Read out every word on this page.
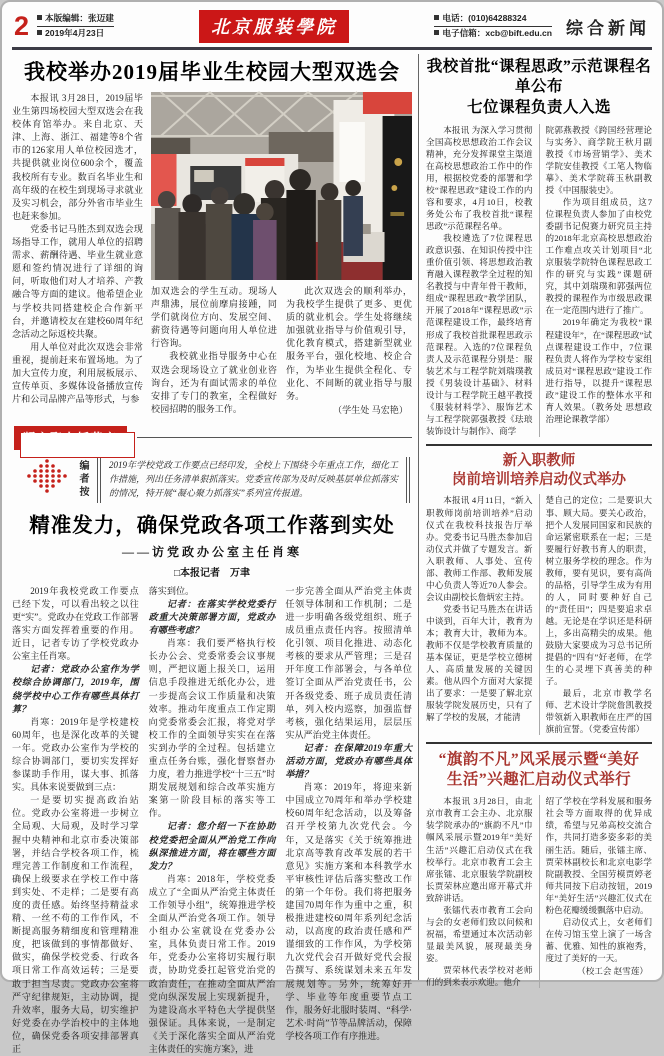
2	本版编辑：张迈建
2019年4月23日	北京服装學院	电话：(010)64288324
电子信箱：xcb@bift.edu.cn 综合新闻
我校举办2019届毕业生校园大型双选会

本报讯 3月28日，2019届毕业生第四场校园大型双选会在我校体育馆举办。来自北京、天津、上海、浙江、福建等8个省市的126家用人单位校园选才，共提供就业岗位600余个，覆盖我校所有专业。数百名毕业生和高年级的在校生到现场寻求就业及实习机会，部分外省市毕业生也赶来参加。

党委书记马胜杰到双选会现场指导工作，就用人单位的招聘需求、薪酬待遇、毕业生就业意愿和签约情况进行了详细的询问，听取他们对人才培养、产教融合等方面的建议。他希望企业与学校共同搭建校企合作新平台，并邀请校友在建校60周年纪念活动之际返校共聚。

用人单位对此次双选会非常重视，提前赶来布置场地。为了加大宣传力度，利用展板展示、宣传单页、多媒体设备播放宣传片和公司品牌产品等形式，与参

加双选会的学生互动。现场人声鼎沸，展位前摩肩接踵，同学们就岗位方向、发展空间、薪资待遇等问题向用人单位进行咨询。

我校就业指导服务中心在双选会现场设立了就业创业咨询台，还为有面试需求的单位安排了专门的教室，全程做好校园招聘的服务工作。

此次双选会的顺利举办，为我校学生提供了更多、更优质的就业机会。学生处将继续加强就业指导与价值观引导，优化教育模式，搭建新型就业服务平台，强化校地、校企合作，为毕业生提供全程化、专业化、不间断的就业指导与服务。

（学生处 马宏艳）

凝心聚力抓落实
编者按	2019年学校党政工作要点已经印发，全校上下围绕今年重点工作，细化工作措施，列出任务清单狠抓落实。党委宣传部为及时反映基层单位抓落实的情况，特开展“凝心聚力抓落实”系列宣传报道。
精准发力，确保党政各项工作落到实处
——访党政办公室主任肖寒
□本报记者　万聿

2019年我校党政工作要点已经下发，可以看出较之以往更“实”。党政办在党政工作部署落实方面发挥着重要的作用。近日，记者专访了学校党政办公室主任肖寒。

记者：党政办公室作为学校综合协调部门，2019年，围绕学校中心工作有哪些具体打算？

肖寒：2019年是学校建校60周年，也是深化改革的关键一年。党政办公室作为学校的综合协调部门，要切实发挥好参谋助手作用，谋大事、抓落实。具体来说要做到三点：

一是要切实提高政治站位。党政办公室将进一步树立全局观、大局观，及时学习掌握中央精神和北京市委决策部署，并结合学校各项工作，梳理完善工作制度和工作流程，确保上级要求在学校工作中落到实处、不走样；二是要有高度的责任感。始终坚持精益求精、一丝不苟的工作作风，不断提高服务精细度和管理精准度，把该做到的事情都做好、做实，确保学校党委、行政各项日常工作高效运转；三是要敢于担当尽责。党政办公室将严守纪律规矩，主动协调，提升效率，服务大局，切实维护好党委在办学治校中的主体地位，确保党委各项安排部署真正

落实到位。

记者：在落实学校党委行政重大决策部署方面，党政办有哪些考虑？

肖寒：我们要严格执行校长办公会、党委常委会议事规则，严把议题上报关口，运用信息手段推进无纸化办公，进一步提高会议工作质量和决策效率。推动年度重点工作定期向党委常委会汇报，将党对学校工作的全面领导实实在在落实到办学的全过程。包括建立重点任务台账，强化督察督办力度，着力推进学校“十三五”时期发展规划和综合改革实施方案第一阶段目标的落实等工作。

记者：您介绍一下在协助校党委把全面从严治党工作向纵深推进方面，将在哪些方面发力？

肖寒：2018年，学校党委成立了“全面从严治党主体责任工作领导小组”，统筹推进学校全面从严治党各项工作。领导小组办公室就设在党委办公室，具体负责日常工作。2019年，党委办公室将切实履行职责，协助党委扛起管党治党的政治责任，在推动全面从严治党向纵深发展上实现新提升，为建设高水平特色大学提供坚强保证。具体来说，一是制定《关于深化落实全面从严治党主体责任的实施方案》，进

一步完善全面从严治党主体责任领导体制和工作机制；二是进一步明确各级党组织、班子成员重点责任内容。按照清单化引领、项目化推进、动态化考核的要求从严管理；三是召开年度工作部署会，与各单位签订全面从严治党责任书，公开各级党委、班子成员责任清单，列入校内巡察，加强监督考核，强化结果运用，层层压实从严治党主体责任。

记者：在保障2019年重大活动方面，党政办有哪些具体举措？

肖寒：2019年，将迎来新中国成立70周年和举办学校建校60周年纪念活动，以及筹备召开学校第九次党代会。今年，又是落实《关于统筹推进北京高等教育改革发展的若干意见》实施方案和本科教学水平审核性评估后落实整改工作的第一个年份。我们将把服务建国70周年作为重中之重，积极推进建校60周年系列纪念活动，以高度的政治责任感和严谨细致的工作作风，为学校第九次党代会召开做好党代会报告撰写、系统谋划未来五年发展规划等。另外，统筹好开学、毕业等年度重要节点工作，服务好北服时装周、“科学·艺术·时尚”节等品牌活动，保障学校各项工作有序推进。

我校首批“课程思政”示范课程名单公布
七位课程负责人入选

本报讯 为深入学习贯彻全国高校思想政治工作会议精神，充分发挥课堂主渠道在高校思想政治工作中的作用，根据校党委的部署和学校“课程思政”建设工作的内容和要求，4月10日，校教务处公布了我校首批“课程思政”示范课程名单。

我校遴选了7位课程思政意识强、在知识传授中注重价值引领、将思想政治教育融入课程教学全过程的知名教授与中青年骨干教师，组成“课程思政”教学团队，开展了2018年“课程思政”示范课程建设工作，最终培育形成了我校首批课程思政示范课程。入选的7位课程负责人及示范课程分别是：服装艺术与工程学院刘瑞璞教授《男装设计基础》、材料设计与工程学院王越平教授《服装材料学》、服饰艺术与工程学院郭强教授《珐琅装饰设计与制作》、商学

院郭燕教授《跨国经营理论与实务》、商学院王秋月副教授《市场营销学》、美术学院安佳教授《工笔人物临摹》、美术学院蒋玉秋副教授《中国服装史》。

作为项目组成员，这7位课程负责人参加了由校党委副书记倪赛力研究员主持的2018年北京高校思想政治工作难点攻关计划项目“北京服装学院特色课程思政工作的研究与实践”课题研究，其中刘瑞璞和郭强两位教授的课程作为市级思政课在一定范围内进行了推广。

2019年确定为我校“课程建设年”，在“课程思政”试点课程建设工作中，7位课程负责人将作为学校专家组成员对“课程思政”建设工作进行指导，以提升“课程思政”建设工作的整体水平和育人效果。（教务处 思想政治理论课教学部）

新入职教师
岗前培训培养启动仪式举办

本报讯 4月11日，“新入职教师岗前培训培养”启动仪式在我校科技报告厅举办。党委书记马胜杰参加启动仪式并做了专题发言。新入职教师、人事处、宣传部、教师工作部、教师发展中心负责人等近70人参会。会议由副校长詹炳宏主持。

党委书记马胜杰在讲话中谈到，百年大计，教育为本；教育大计，教师为本。教师不仅是学校教育质量的基本保证，更是学校立德树人、高质量发展的关键因素。他从四个方面对大家提出了要求：一是要了解北京服装学院发展历史，只有了解了学校的发展，才能清

楚自己的定位；二是要识大事、顾大局。要关心政治，把个人发展同国家和民族的命运紧密联系在一起；三是要履行好教书育人的职责，树立服务学校的理念。作为教师，要有见识，要有高尚的品格，引导学生成为有用的人，同时要种好自己的“责任田”；四是要追求卓越。无论是在学识还是科研上，多出高精尖的成果。他鼓励大家要成为习总书记所提倡的“四有”好老师，在学生的心灵埋下真善美的种子。

最后，北京市教学名师、艺术设计学院詹凯教授带领新入职教师在庄严的国旗前宣誓。（党委宣传部）

“旗韵不凡”风采展示暨“美好
生活”兴趣汇启动仪式举行

本报讯 3月28日，由北京市教育工会主办、北京服装学院承办的“旗韵不凡”巾帼风采展示暨2019年“美好生活”兴趣汇启动仪式在我校举行。北京市教育工会主席张镭、北京服装学院副校长贾荣林应邀出席开幕式并致辞讲话。

张镭代表市教育工会向与会的女老师们致以问候和祝福，希望通过本次活动彰显最美风貌，展现最美身姿。

贾荣林代表学校对老师们的到来表示欢迎。他介

绍了学校在学科发展和服务社会等方面取得的优异成绩，希望与兄弟高校交流合作，共同打造多姿多彩的美丽生活。随后，张镭主席、贾荣林副校长和北京电影学院副教授、全国劳模贾婷老师共同按下启动按钮，2019年“美好生活”兴趣汇仪式在粉色花瓣缓缓飘落中启动。

启动仪式上，女老师们在传习馆玉堂上演了一场含蓄、优雅、知性的旗袍秀，度过了美好的一天。

（校工会 赵雪莲）
